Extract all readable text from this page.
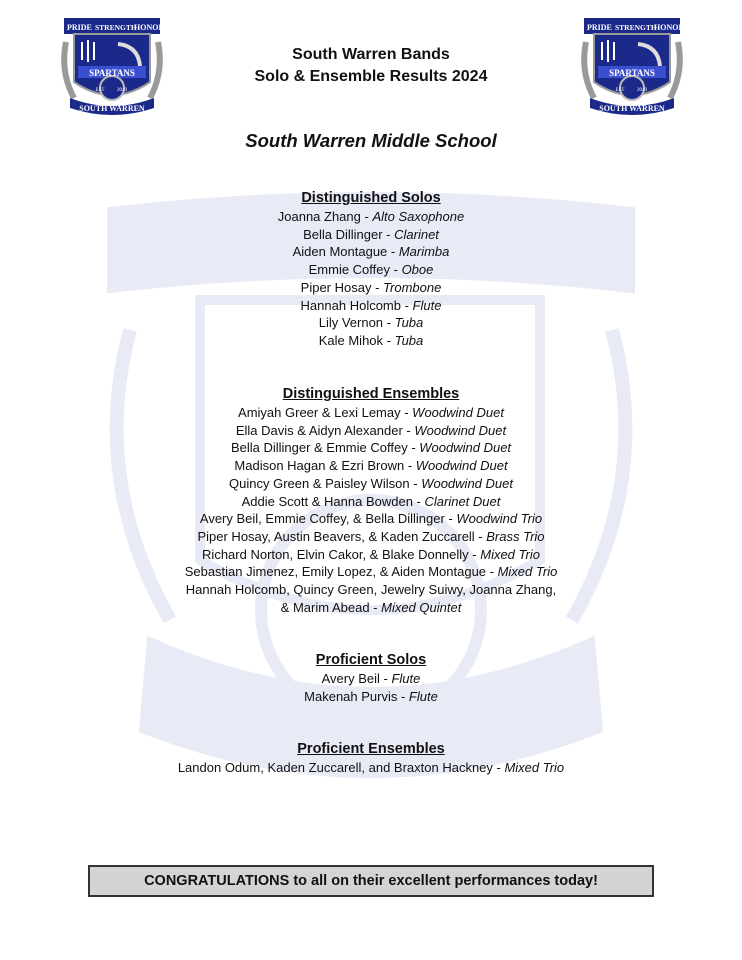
PRIDE STRENGTH
HONOR
SPARTANS
EST	2010
SOUTH WARREN
PRIDE STRENGTH
HONOR
SPARTANS
EST	2010
SOUTH WARREN
South Warren Bands
Solo & Ensemble Results 2024
South Warren Middle School
Distinguished Solos
Joanna Zhang - Alto Saxophone
Bella Dillinger - Clarinet
Aiden Montague - Marimba
Emmie Coffey - Oboe
Piper Hosay - Trombone
Hannah Holcomb - Flute
Lily Vernon - Tuba
Kale Mihok - Tuba
Distinguished Ensembles
Amiyah Greer & Lexi Lemay - Woodwind Duet
Ella Davis & Aidyn Alexander - Woodwind Duet
Bella Dillinger & Emmie Coffey - Woodwind Duet
Madison Hagan & Ezri Brown - Woodwind Duet
Quincy Green & Paisley Wilson - Woodwind Duet
Addie Scott & Hanna Bowden - Clarinet Duet
Avery Beil, Emmie Coffey, & Bella Dillinger - Woodwind Trio
Piper Hosay, Austin Beavers, & Kaden Zuccarell - Brass Trio
Richard Norton, Elvin Cakor, & Blake Donnelly - Mixed Trio
Sebastian Jimenez, Emily Lopez, & Aiden Montague - Mixed Trio
Hannah Holcomb, Quincy Green, Jewelry Suiwy, Joanna Zhang,
& Marim Abead - Mixed Quintet
Proficient Solos
Avery Beil - Flute
Makenah Purvis - Flute
Proficient Ensembles
Landon Odum, Kaden Zuccarell, and Braxton Hackney - Mixed Trio
CONGRATULATIONS to all on their excellent performances today!
